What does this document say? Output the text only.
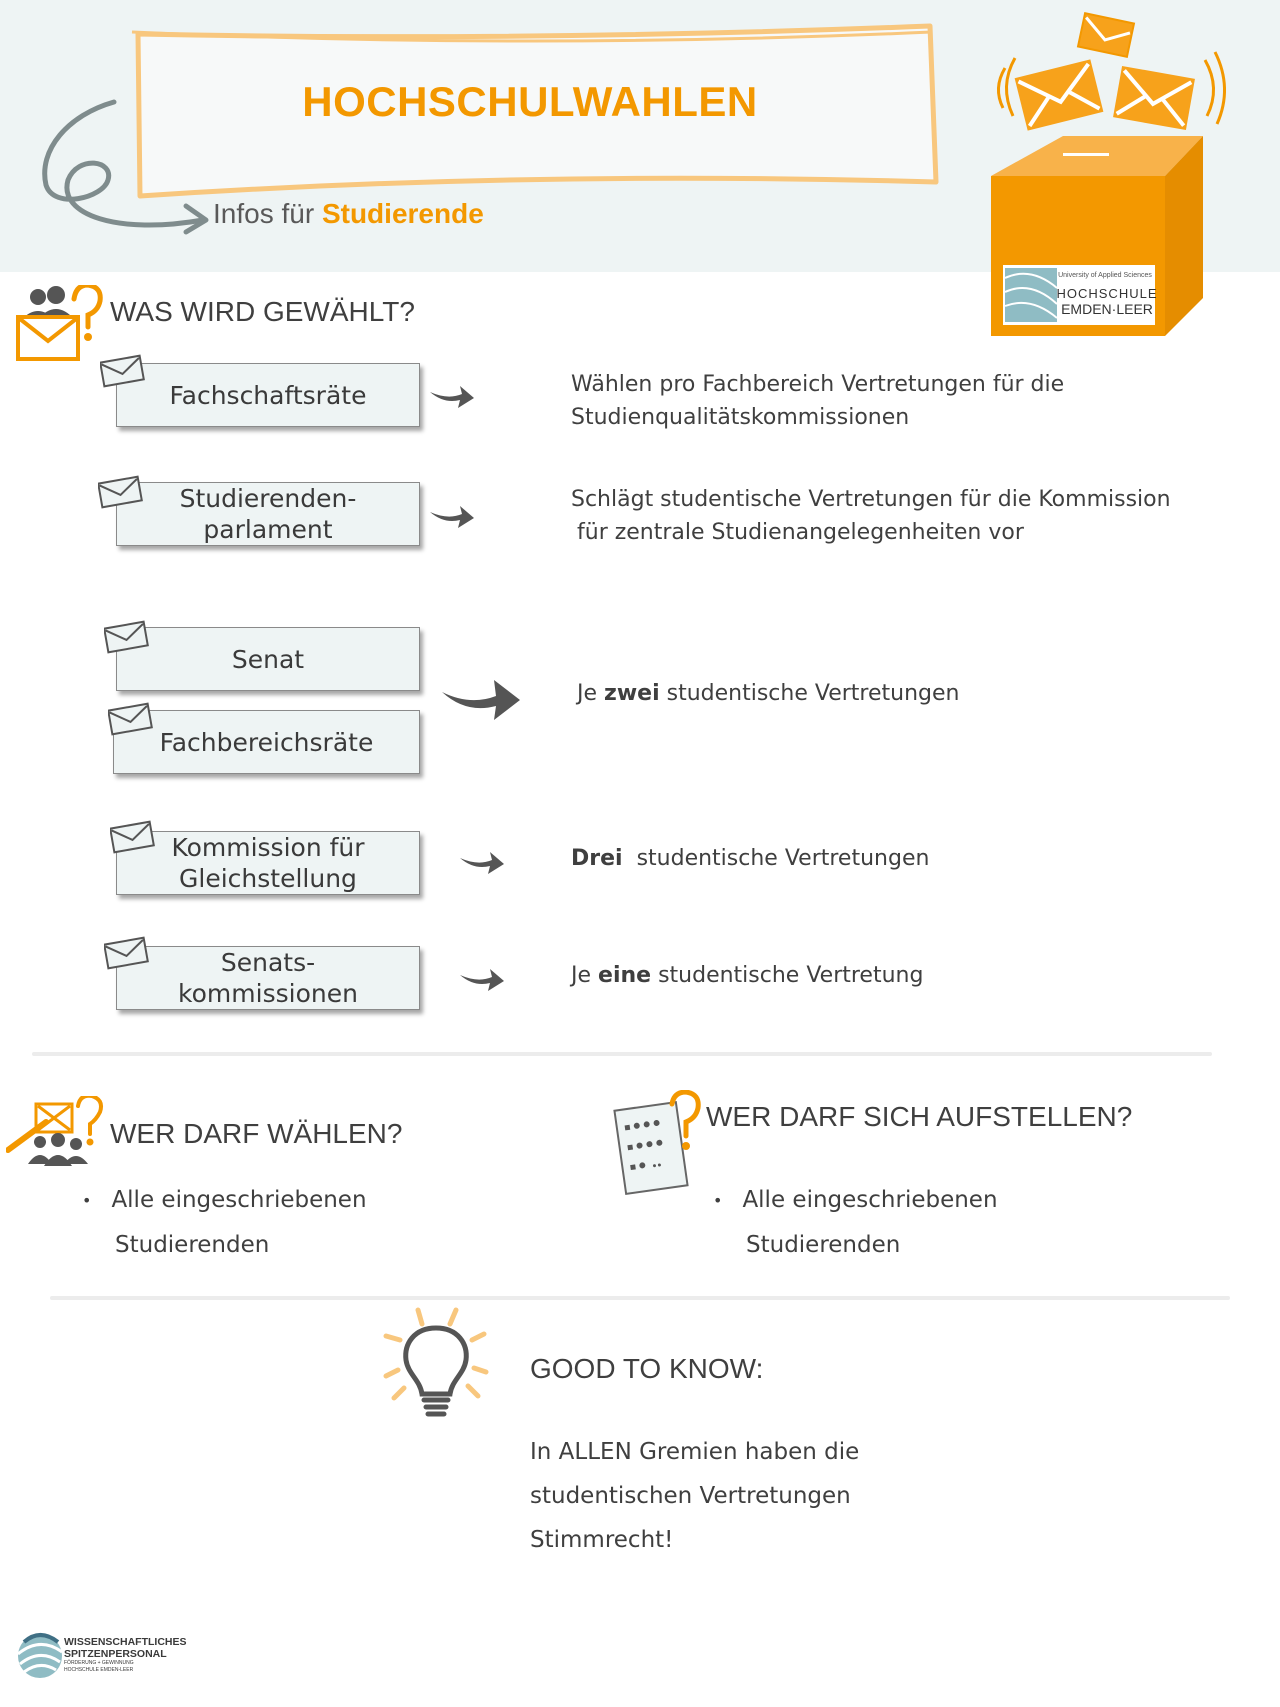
HOCHSCHULWAHLEN
Infos für Studierende
University of Applied Sciences
HOCHSCHULE
EMDEN·LEER
WAS WIRD GEWÄHLT?
Fachschaftsräte	Wählen pro Fachbereich Vertretungen für die
Studienqualitätskommissionen
Studierenden-
parlament
Schlägt studentische Vertretungen für die Kommission
für zentrale Studienangelegenheiten vor
Senat
Fachbereichsräte
Je zwei studentische Vertretungen
Kommission für
Gleichstellung
Drei studentische Vertretungen
Senats-
kommissionen
Je eine studentische Vertretung
WER DARF WÄHLEN?
• Alle eingeschriebenen
Studierenden
WER DARF SICH AUFSTELLEN?
• Alle eingeschriebenen
Studierenden
GOOD TO KNOW:
In ALLEN Gremien haben die
studentischen Vertretungen
Stimmrecht!
WISSENSCHAFTLICHES
SPITZENPERSONAL
FÖRDERUNG + GEWINNUNG
HOCHSCHULE EMDEN-LEER
